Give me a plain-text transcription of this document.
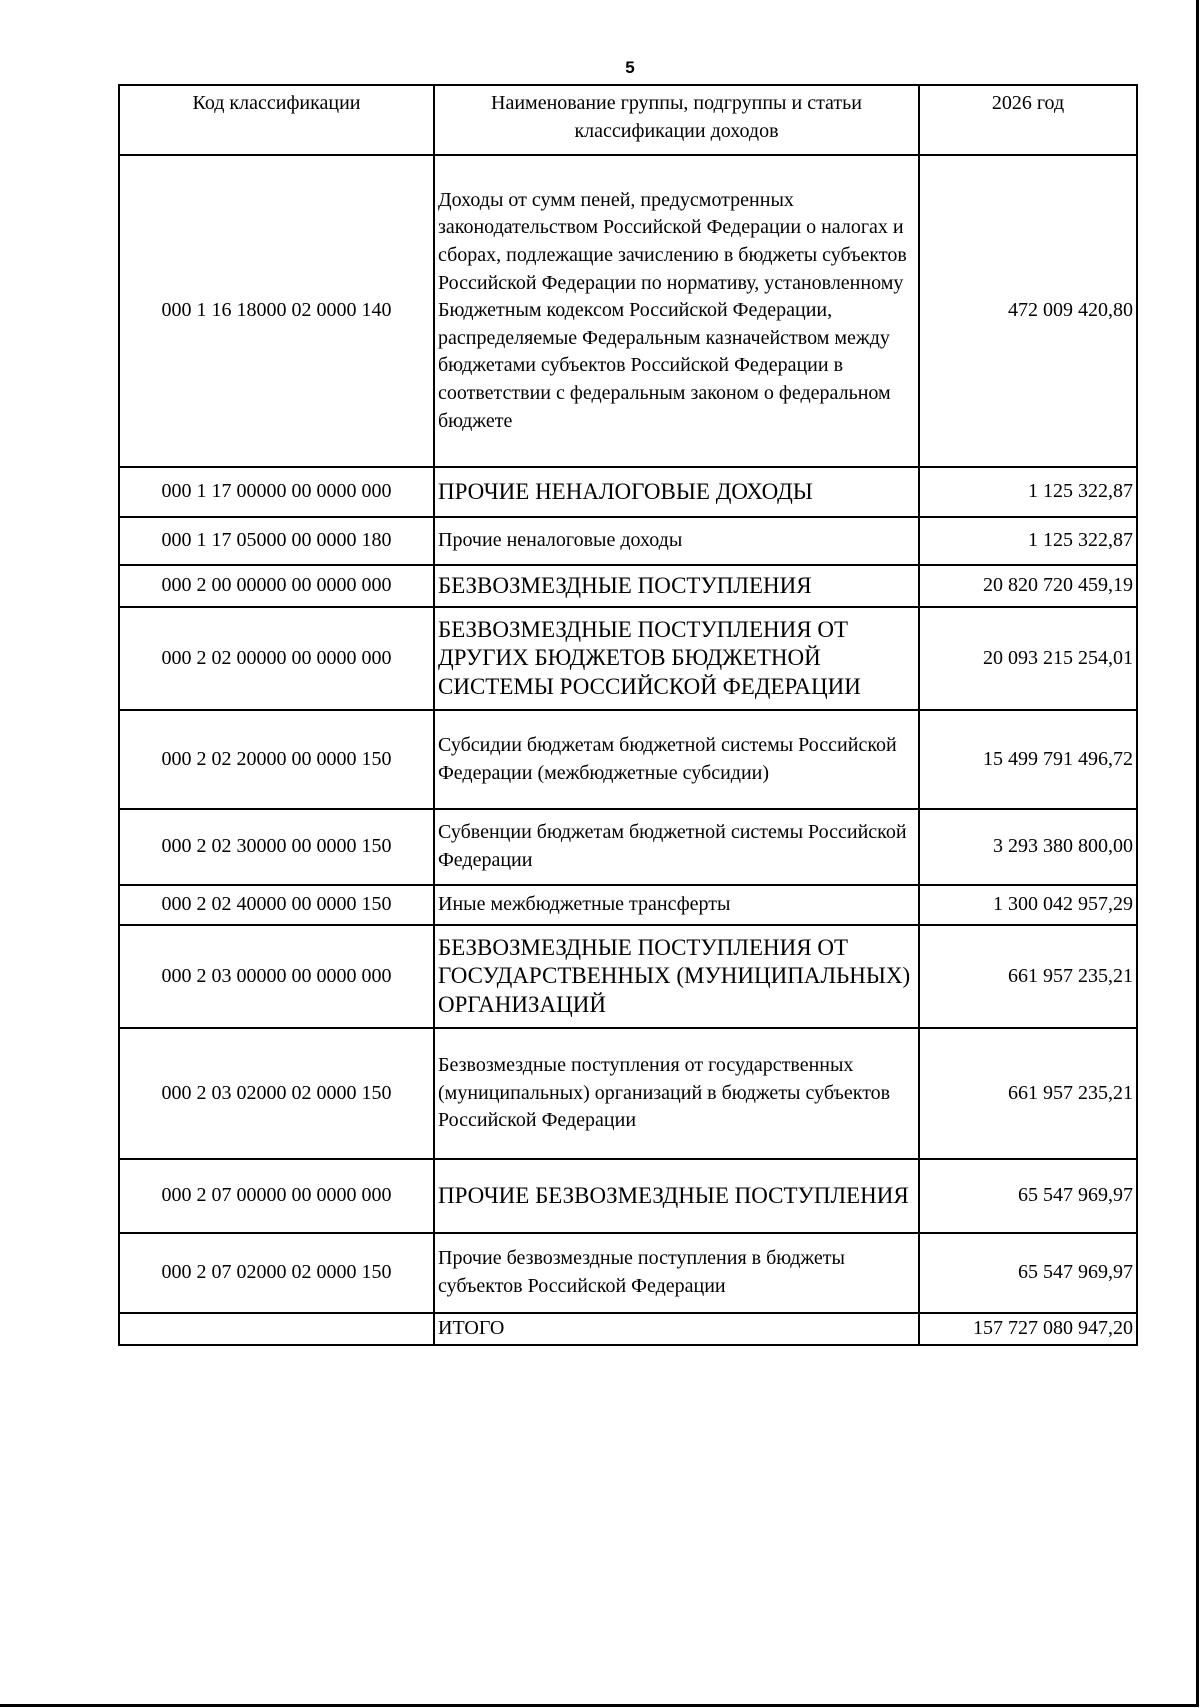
5
Код классификации	Наименование группы, подгруппы и статьи классификации доходов	2026 год
000 1 16 18000 02 0000 140	Доходы от сумм пеней, предусмотренных законодательством Российской Федерации о налогах и сборах, подлежащие зачислению в бюджеты субъектов Российской Федерации по нормативу, установленному Бюджетным кодексом Российской Федерации, распределяемые Федеральным казначейством между бюджетами субъектов Российской Федерации в соответствии с федеральным законом о федеральном бюджете	472 009 420,80
000 1 17 00000 00 0000 000	ПРОЧИЕ НЕНАЛОГОВЫЕ ДОХОДЫ	1 125 322,87
000 1 17 05000 00 0000 180	Прочие неналоговые доходы	1 125 322,87
000 2 00 00000 00 0000 000	БЕЗВОЗМЕЗДНЫЕ ПОСТУПЛЕНИЯ	20 820 720 459,19
000 2 02 00000 00 0000 000	БЕЗВОЗМЕЗДНЫЕ ПОСТУПЛЕНИЯ ОТ ДРУГИХ БЮДЖЕТОВ БЮДЖЕТНОЙ СИСТЕМЫ РОССИЙСКОЙ ФЕДЕРАЦИИ	20 093 215 254,01
000 2 02 20000 00 0000 150	Субсидии бюджетам бюджетной системы Российской Федерации (межбюджетные субсидии)	15 499 791 496,72
000 2 02 30000 00 0000 150	Субвенции бюджетам бюджетной системы Российской Федерации	3 293 380 800,00
000 2 02 40000 00 0000 150	Иные межбюджетные трансферты	1 300 042 957,29
000 2 03 00000 00 0000 000	БЕЗВОЗМЕЗДНЫЕ ПОСТУПЛЕНИЯ ОТ ГОСУДАРСТВЕННЫХ (МУНИЦИПАЛЬНЫХ) ОРГАНИЗАЦИЙ	661 957 235,21
000 2 03 02000 02 0000 150	Безвозмездные поступления от государственных (муниципальных) организаций в бюджеты субъектов Российской Федерации	661 957 235,21
000 2 07 00000 00 0000 000	ПРОЧИЕ БЕЗВОЗМЕЗДНЫЕ ПОСТУПЛЕНИЯ	65 547 969,97
000 2 07 02000 02 0000 150	Прочие безвозмездные поступления в бюджеты субъектов Российской Федерации	65 547 969,97
	ИТОГО	157 727 080 947,20
